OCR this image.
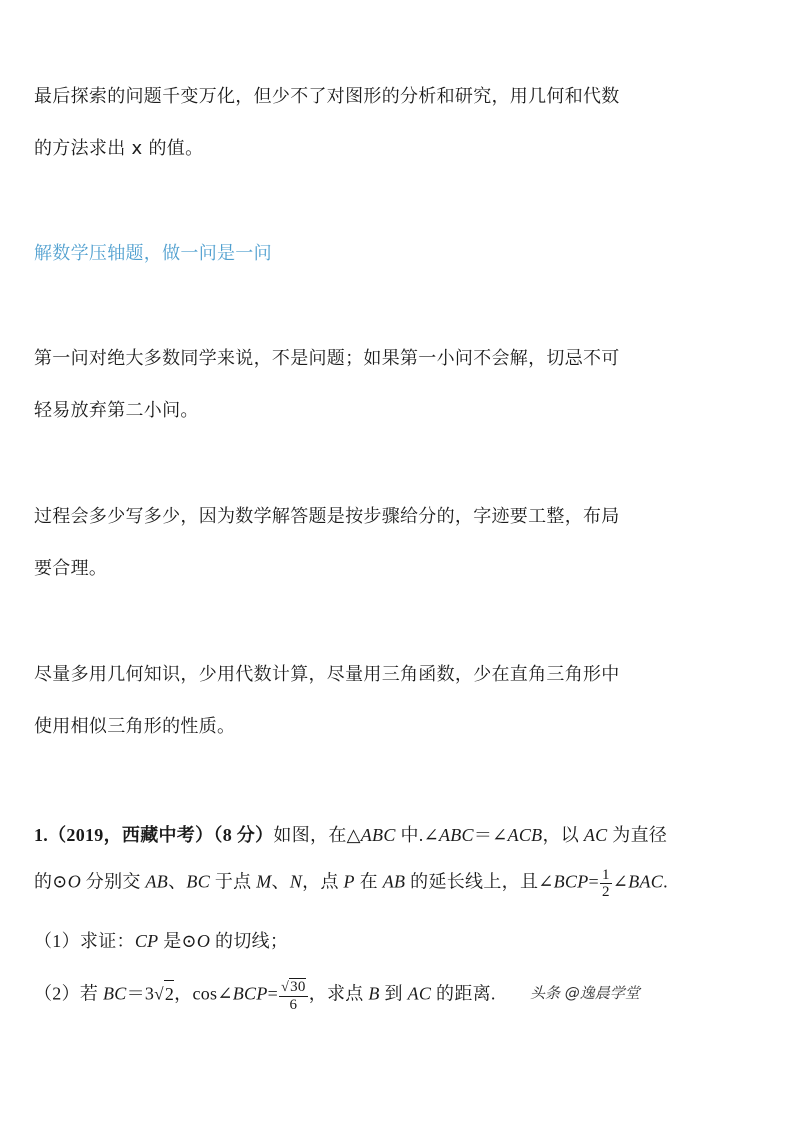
最后探索的问题千变万化，但少不了对图形的分析和研究，用几何和代数
的方法求出 x 的值。
解数学压轴题，做一问是一问
第一问对绝大多数同学来说，不是问题；如果第一小问不会解，切忌不可
轻易放弃第二小问。
过程会多少写多少，因为数学解答题是按步骤给分的，字迹要工整，布局
要合理。
尽量多用几何知识，少用代数计算，尽量用三角函数，少在直角三角形中
使用相似三角形的性质。
1.（2019，西藏中考）（8 分）如图，在△ABC 中.∠ABC＝∠ACB，以 AC 为直径
的⊙O 分别交 AB、BC 于点 M、N，点 P 在 AB 的延长线上，且∠BCP= $\frac{1}{2}$ ∠BAC.
（1）求证：CP 是⊙O 的切线；
（2）若 BC＝3√2，cos∠BCP= $\frac{√30}{6}$ ，求点 B 到 AC 的距离. 头条 @逸晨学堂
